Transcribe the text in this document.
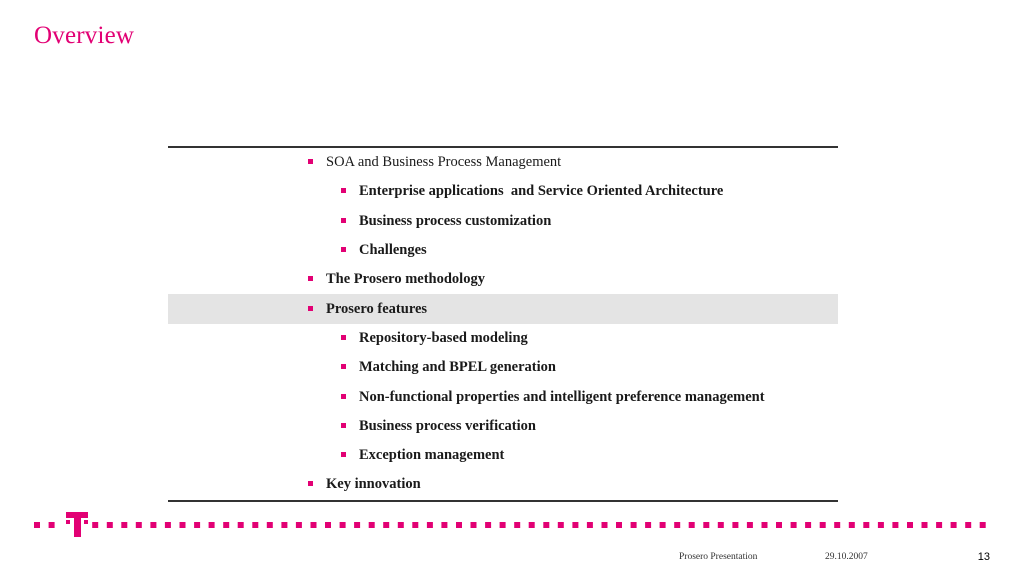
Overview
SOA and Business Process Management
Enterprise applications  and Service Oriented Architecture
Business process customization
Challenges
The Prosero methodology
Prosero features
Repository-based modeling
Matching and BPEL generation
Non-functional properties and intelligent preference management
Business process verification
Exception management
Key innovation
Prosero Presentation	29.10.2007	13
